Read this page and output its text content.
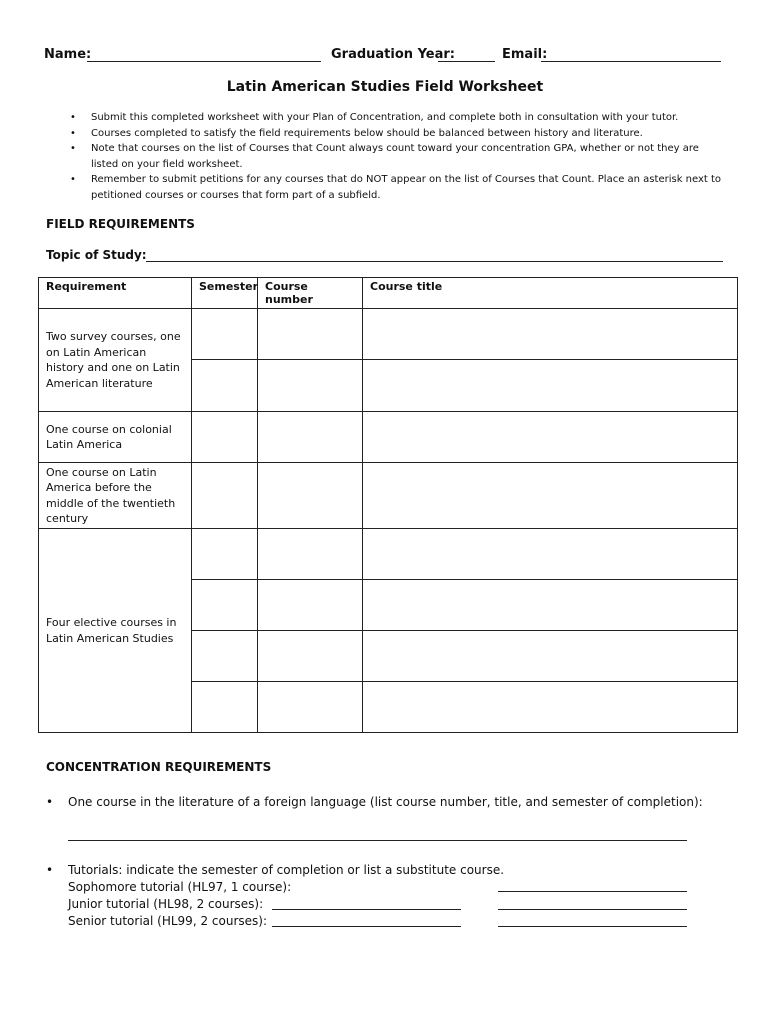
Name:	Graduation Year:	Email:
Latin American Studies Field Worksheet
•	Submit this completed worksheet with your Plan of Concentration, and complete both in consultation with your tutor.
•	Courses completed to satisfy the field requirements below should be balanced between history and literature.
•	Note that courses on the list of Courses that Count always count toward your concentration GPA, whether or not they are listed on your field worksheet.
•	Remember to submit petitions for any courses that do NOT appear on the list of Courses that Count. Place an asterisk next to petitioned courses or courses that form part of a subfield.
FIELD REQUIREMENTS
Topic of Study:
Requirement	Semester	Course number	Course title
Two survey courses, one on Latin American history and one on Latin American literature			

One course on colonial Latin America			
One course on Latin America before the middle of the twentieth century			
Four elective courses in Latin American Studies			

CONCENTRATION REQUIREMENTS
• One course in the literature of a foreign language (list course number, title, and semester of completion):
• Tutorials: indicate the semester of completion or list a substitute course.
Sophomore tutorial (HL97, 1 course):
Junior tutorial (HL98, 2 courses):
Senior tutorial (HL99, 2 courses):
